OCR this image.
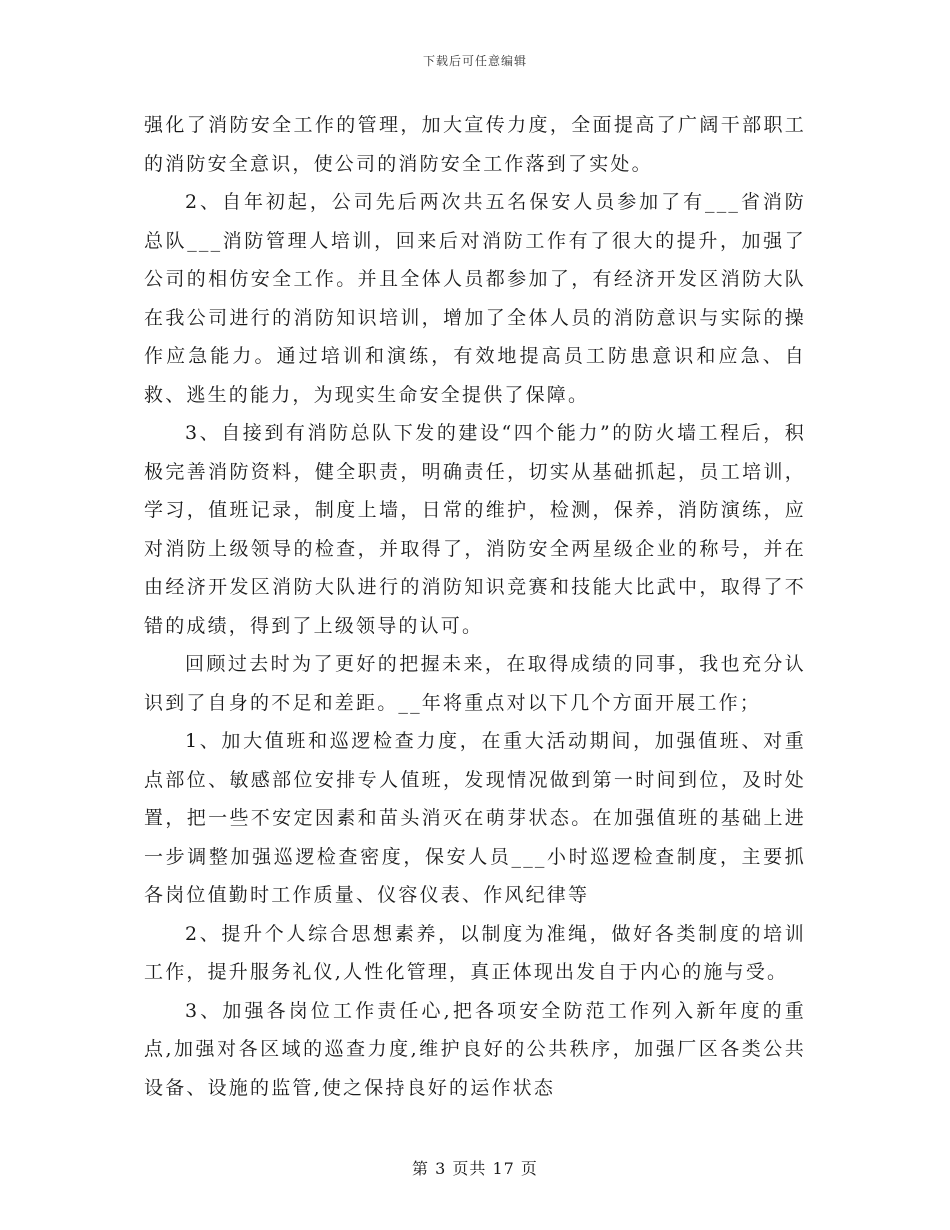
下载后可任意编辑

强化了消防安全工作的管理，加大宣传力度，全面提高了广阔干部职工的消防安全意识，使公司的消防安全工作落到了实处。

2、自年初起，公司先后两次共五名保安人员参加了有___省消防总队___消防管理人培训，回来后对消防工作有了很大的提升，加强了公司的相仿安全工作。并且全体人员都参加了，有经济开发区消防大队在我公司进行的消防知识培训，增加了全体人员的消防意识与实际的操作应急能力。通过培训和演练，有效地提高员工防患意识和应急、自救、逃生的能力，为现实生命安全提供了保障。

3、自接到有消防总队下发的建设“四个能力”的防火墙工程后，积极完善消防资料，健全职责，明确责任，切实从基础抓起，员工培训，学习，值班记录，制度上墙，日常的维护，检测，保养，消防演练，应对消防上级领导的检查，并取得了，消防安全两星级企业的称号，并在由经济开发区消防大队进行的消防知识竞赛和技能大比武中，取得了不错的成绩，得到了上级领导的认可。

回顾过去时为了更好的把握未来，在取得成绩的同事，我也充分认识到了自身的不足和差距。__年将重点对以下几个方面开展工作；

1、加大值班和巡逻检查力度，在重大活动期间，加强值班、对重点部位、敏感部位安排专人值班，发现情况做到第一时间到位，及时处置，把一些不安定因素和苗头消灭在萌芽状态。在加强值班的基础上进一步调整加强巡逻检查密度，保安人员___小时巡逻检查制度，主要抓各岗位值勤时工作质量、仪容仪表、作风纪律等

2、提升个人综合思想素养，以制度为准绳，做好各类制度的培训工作，提升服务礼仪,人性化管理，真正体现出发自于内心的施与受。

3、加强各岗位工作责任心,把各项安全防范工作列入新年度的重点,加强对各区域的巡查力度,维护良好的公共秩序，加强厂区各类公共设备、设施的监管,使之保持良好的运作状态

第 3 页共 17 页
